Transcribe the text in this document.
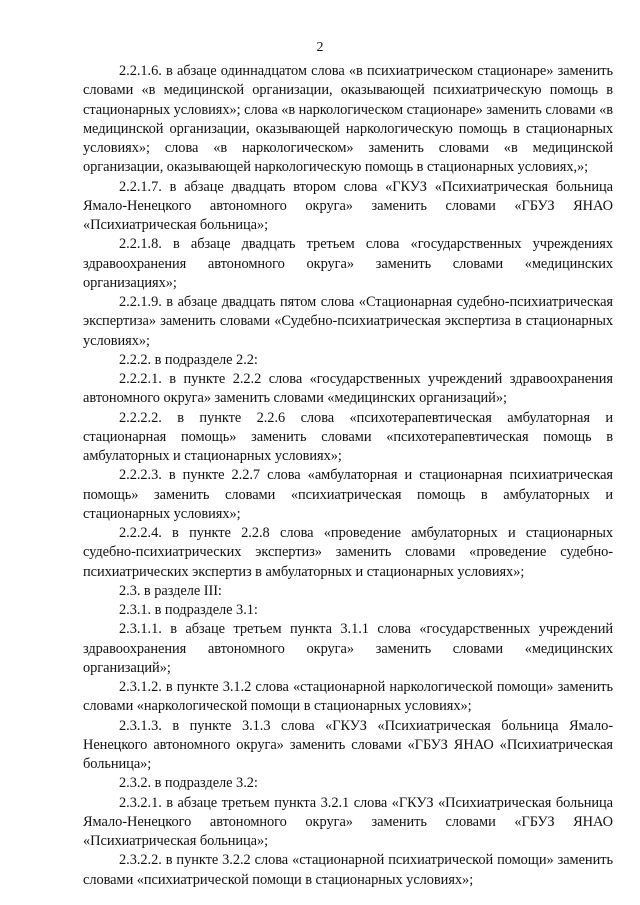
2

2.2.1.6. в абзаце одиннадцатом слова «в психиатрическом стационаре» заменить словами «в медицинской организации, оказывающей психиатрическую помощь в стационарных условиях»; слова «в наркологическом стационаре» заменить словами «в медицинской организации, оказывающей наркологическую помощь в стационарных условиях»; слова «в наркологическом» заменить словами «в медицинской организации, оказывающей наркологическую помощь в стационарных условиях,»;

2.2.1.7. в абзаце двадцать втором слова «ГКУЗ «Психиатрическая больница Ямало-Ненецкого автономного округа» заменить словами «ГБУЗ ЯНАО «Психиатрическая больница»;

2.2.1.8. в абзаце двадцать третьем слова «государственных учреждениях здравоохранения автономного округа» заменить словами «медицинских организациях»;

2.2.1.9. в абзаце двадцать пятом слова «Стационарная судебно-психиатрическая экспертиза» заменить словами «Судебно-психиатрическая экспертиза в стационарных условиях»;

2.2.2. в подразделе 2.2:

2.2.2.1. в пункте 2.2.2 слова «государственных учреждений здравоохранения автономного округа» заменить словами «медицинских организаций»;

2.2.2.2. в пункте 2.2.6 слова «психотерапевтическая амбулаторная и стационарная помощь» заменить словами «психотерапевтическая помощь в амбулаторных и стационарных условиях»;

2.2.2.3. в пункте 2.2.7 слова «амбулаторная и стационарная психиатрическая помощь» заменить словами «психиатрическая помощь в амбулаторных и стационарных условиях»;

2.2.2.4. в пункте 2.2.8 слова «проведение амбулаторных и стационарных судебно-психиатрических экспертиз» заменить словами «проведение судебно-психиатрических экспертиз в амбулаторных и стационарных условиях»;

2.3. в разделе III:

2.3.1. в подразделе 3.1:

2.3.1.1. в абзаце третьем пункта 3.1.1 слова «государственных учреждений здравоохранения автономного округа» заменить словами «медицинских организаций»;

2.3.1.2. в пункте 3.1.2 слова «стационарной наркологической помощи» заменить словами «наркологической помощи в стационарных условиях»;

2.3.1.3. в пункте 3.1.3 слова «ГКУЗ «Психиатрическая больница Ямало-Ненецкого автономного округа» заменить словами «ГБУЗ ЯНАО «Психиатрическая больница»;

2.3.2. в подразделе 3.2:

2.3.2.1. в абзаце третьем пункта 3.2.1 слова «ГКУЗ «Психиатрическая больница Ямало-Ненецкого автономного округа» заменить словами «ГБУЗ ЯНАО «Психиатрическая больница»;

2.3.2.2. в пункте 3.2.2 слова «стационарной психиатрической помощи» заменить словами «психиатрической помощи в стационарных условиях»;
